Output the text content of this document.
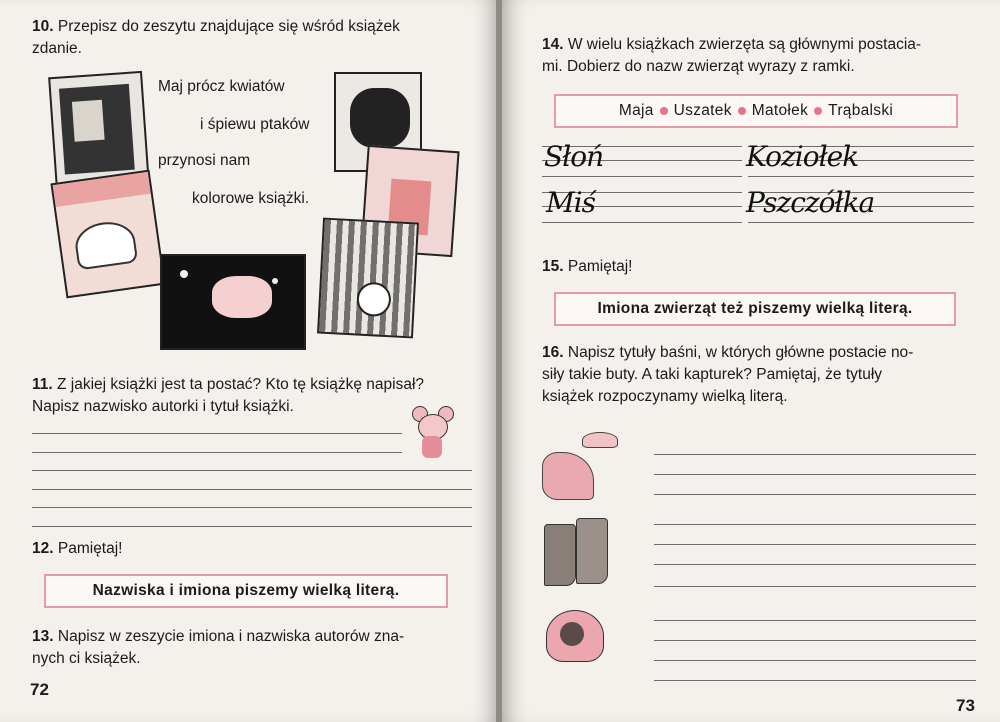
10. Przepisz do zeszytu znajdujące się wśród książek
zdanie.
Maj prócz kwiatów
i śpiewu ptaków
przynosi nam
kolorowe książki.
11. Z jakiej książki jest ta postać? Kto tę książkę napisał?
Napisz nazwisko autorki i tytuł książki.
12. Pamiętaj!
Nazwiska i imiona piszemy wielką literą.
13. Napisz w zeszycie imiona i nazwiska autorów zna-
nych ci książek.
72
14. W wielu książkach zwierzęta są głównymi postacia-
mi. Dobierz do nazw zwierząt wyrazy z ramki.
Maja Uszatek Matołek Trąbalski
Słoń	Koziołek
Miś	Pszczółka
15. Pamiętaj!
Imiona zwierząt też piszemy wielką literą.
16. Napisz tytuły baśni, w których główne postacie no-
siły takie buty. A taki kapturek? Pamiętaj, że tytuły
książek rozpoczynamy wielką literą.
73
